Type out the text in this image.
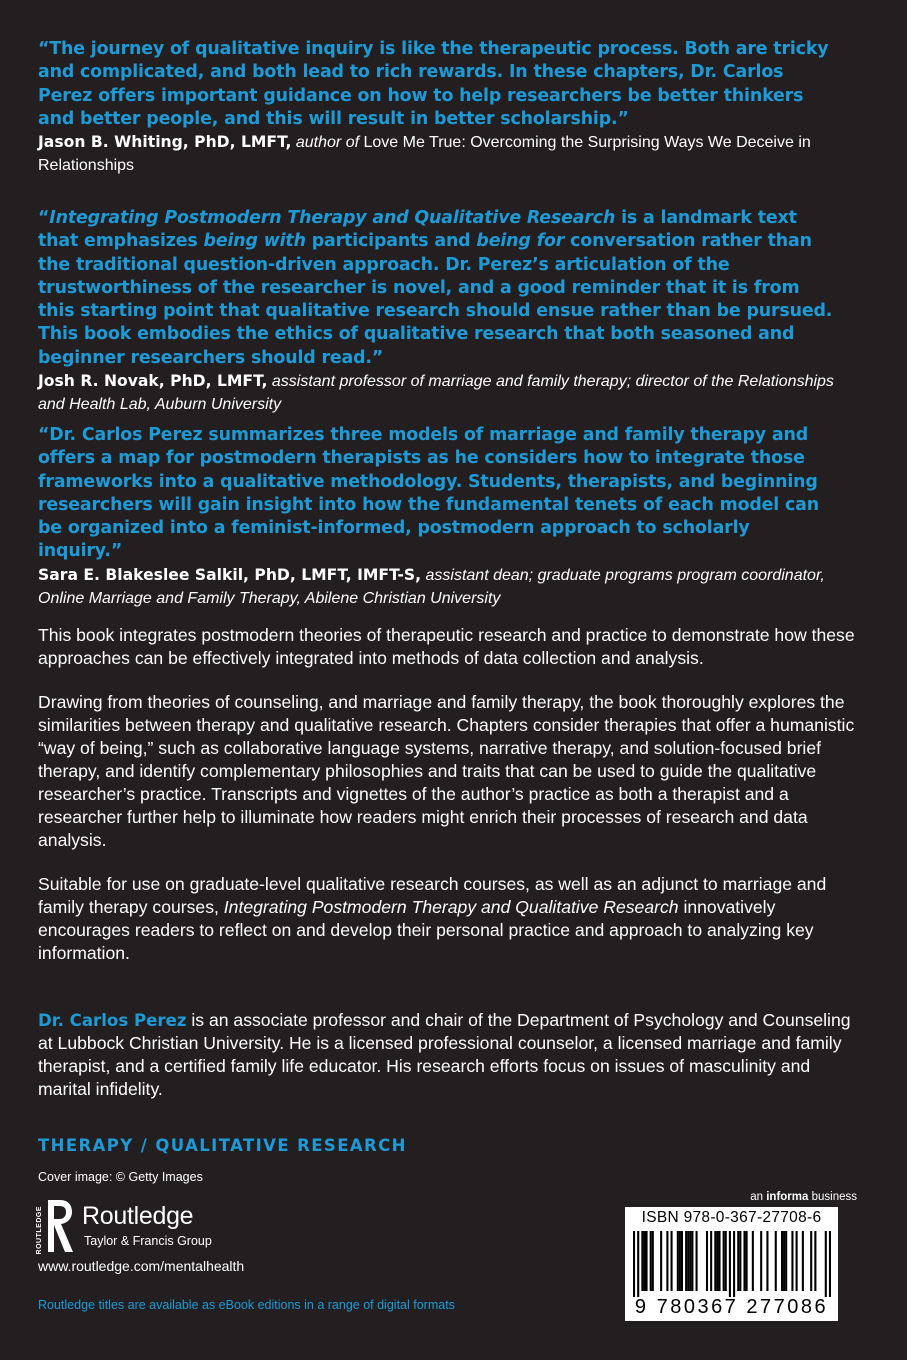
“The journey of qualitative inquiry is like the therapeutic process. Both are tricky and complicated, and both lead to rich rewards. In these chapters, Dr. Carlos Perez offers important guidance on how to help researchers be better thinkers and better people, and this will result in better scholarship.”
Jason B. Whiting, PhD, LMFT, author of Love Me True: Overcoming the Surprising Ways We Deceive in Relationships
“Integrating Postmodern Therapy and Qualitative Research is a landmark text that emphasizes being with participants and being for conversation rather than the traditional question-driven approach. Dr. Perez’s articulation of the trustworthiness of the researcher is novel, and a good reminder that it is from this starting point that qualitative research should ensue rather than be pursued. This book embodies the ethics of qualitative research that both seasoned and beginner researchers should read.”
Josh R. Novak, PhD, LMFT, assistant professor of marriage and family therapy; director of the Relationships and Health Lab, Auburn University
“Dr. Carlos Perez summarizes three models of marriage and family therapy and offers a map for postmodern therapists as he considers how to integrate those frameworks into a qualitative methodology. Students, therapists, and beginning researchers will gain insight into how the fundamental tenets of each model can be organized into a feminist-informed, postmodern approach to scholarly inquiry.”
Sara E. Blakeslee Salkil, PhD, LMFT, IMFT-S, assistant dean; graduate programs program coordinator, Online Marriage and Family Therapy, Abilene Christian University

This book integrates postmodern theories of therapeutic research and practice to demonstrate how these approaches can be effectively integrated into methods of data collection and analysis.

Drawing from theories of counseling, and marriage and family therapy, the book thoroughly explores the similarities between therapy and qualitative research. Chapters consider therapies that offer a humanistic “way of being,” such as collaborative language systems, narrative therapy, and solution-focused brief therapy, and identify complementary philosophies and traits that can be used to guide the qualitative researcher’s practice. Transcripts and vignettes of the author’s practice as both a therapist and a researcher further help to illuminate how readers might enrich their processes of research and data analysis.

Suitable for use on graduate-level qualitative research courses, as well as an adjunct to marriage and family therapy courses, Integrating Postmodern Therapy and Qualitative Research innovatively encourages readers to reflect on and develop their personal practice and approach to analyzing key information.

Dr. Carlos Perez is an associate professor and chair of the Department of Psychology and Counseling at Lubbock Christian University. He is a licensed professional counselor, a licensed marriage and family therapist, and a certified family life educator. His research efforts focus on issues of masculinity and marital infidelity.
THERAPY / QUALITATIVE RESEARCH
Cover image: © Getty Images
ROUTLEDGE Routledge
Taylor & Francis Group
www.routledge.com/mentalhealth
Routledge titles are available as eBook editions in a range of digital formats
an informa business
ISBN 978-0-367-27708-6
9 780367 277086
